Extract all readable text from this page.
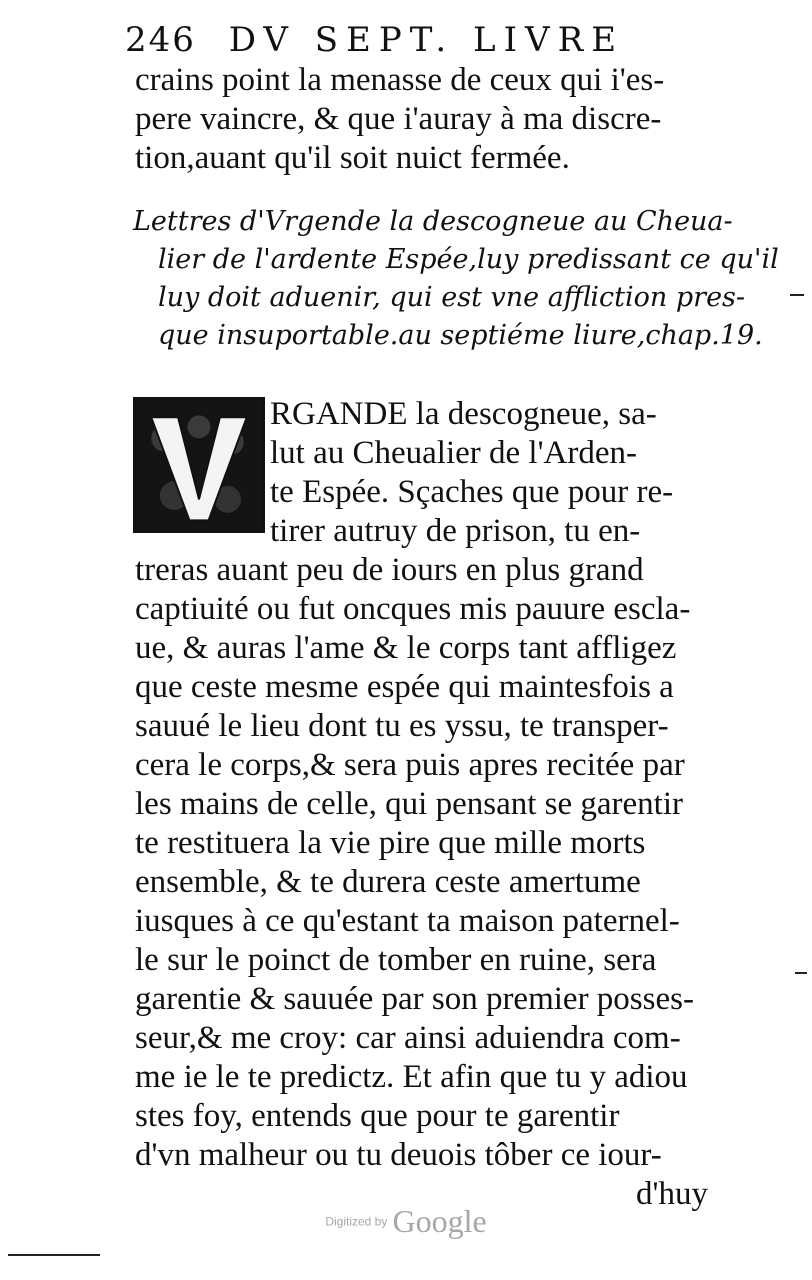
246 DV SEPT. LIVRE
crains point la menasse de ceux qui i'es-
pere vaincre, & que i'auray à ma discre-
tion,auant qu'il soit nuict fermée.
Lettres d'Vrgende la descogneue au Cheua-
lier de l'ardente Espée,luy predissant ce qu'il
luy doit aduenir, qui est vne affliction pres-
que insuportable.au septiéme liure,chap.19.
RGANDE la descogneue, sa-
lut au Cheualier de l'Arden-
te Espée. Sçaches que pour re-
tirer autruy de prison, tu en-
treras auant peu de iours en plus grand
captiuité ou fut oncques mis pauure escla-
ue, & auras l'ame & le corps tant affligez
que ceste mesme espée qui maintesfois a
sauué le lieu dont tu es yssu, te transper-
cera le corps,& sera puis apres recitée par
les mains de celle, qui pensant se garentir
te restituera la vie pire que mille morts
ensemble, & te durera ceste amertume
iusques à ce qu'estant ta maison paternel-
le sur le poinct de tomber en ruine, sera
garentie & sauuée par son premier posses-
seur,& me croy: car ainsi aduiendra com-
me ie le te predictz. Et afin que tu y adiou
stes foy, entends que pour te garentir
d'vn malheur ou tu deuois tôber ce iour-
d'huy
Digitized by Google
